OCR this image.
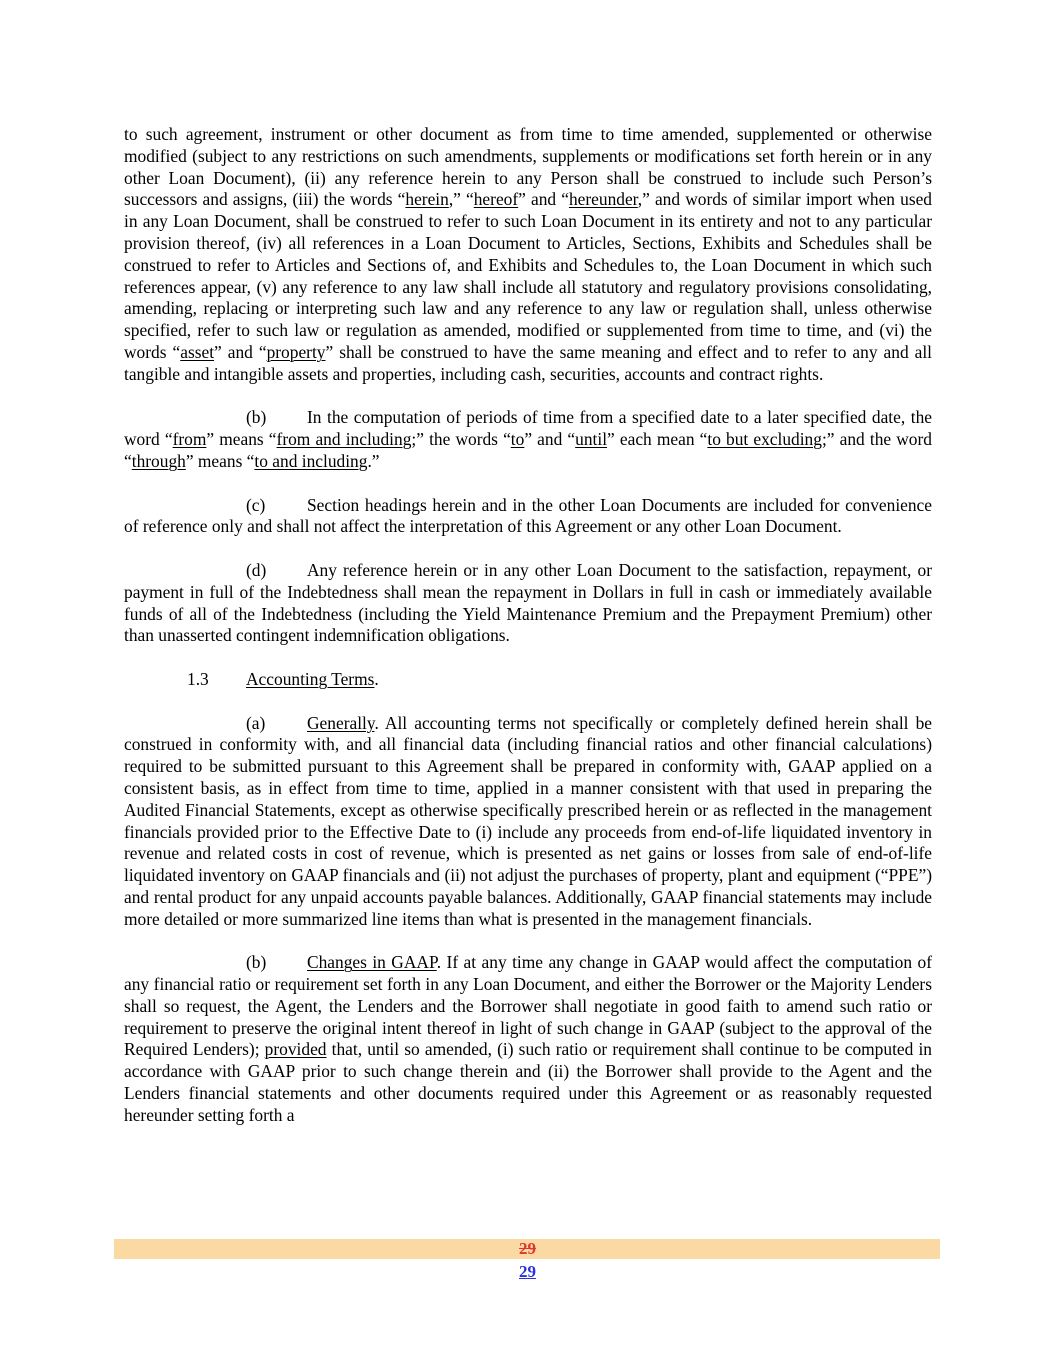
to such agreement, instrument or other document as from time to time amended, supplemented or otherwise modified (subject to any restrictions on such amendments, supplements or modifications set forth herein or in any other Loan Document), (ii) any reference herein to any Person shall be construed to include such Person’s successors and assigns, (iii) the words “herein,” “hereof” and “hereunder,” and words of similar import when used in any Loan Document, shall be construed to refer to such Loan Document in its entirety and not to any particular provision thereof, (iv) all references in a Loan Document to Articles, Sections, Exhibits and Schedules shall be construed to refer to Articles and Sections of, and Exhibits and Schedules to, the Loan Document in which such references appear, (v) any reference to any law shall include all statutory and regulatory provisions consolidating, amending, replacing or interpreting such law and any reference to any law or regulation shall, unless otherwise specified, refer to such law or regulation as amended, modified or supplemented from time to time, and (vi) the words “asset” and “property” shall be construed to have the same meaning and effect and to refer to any and all tangible and intangible assets and properties, including cash, securities, accounts and contract rights.

(b) In the computation of periods of time from a specified date to a later specified date, the word “from” means “from and including;” the words “to” and “until” each mean “to but excluding;” and the word “through” means “to and including.”

(c) Section headings herein and in the other Loan Documents are included for convenience of reference only and shall not affect the interpretation of this Agreement or any other Loan Document.

(d) Any reference herein or in any other Loan Document to the satisfaction, repayment, or payment in full of the Indebtedness shall mean the repayment in Dollars in full in cash or immediately available funds of all of the Indebtedness (including the Yield Maintenance Premium and the Prepayment Premium) other than unasserted contingent indemnification obligations.

1.3 Accounting Terms.

(a) Generally. All accounting terms not specifically or completely defined herein shall be construed in conformity with, and all financial data (including financial ratios and other financial calculations) required to be submitted pursuant to this Agreement shall be prepared in conformity with, GAAP applied on a consistent basis, as in effect from time to time, applied in a manner consistent with that used in preparing the Audited Financial Statements, except as otherwise specifically prescribed herein or as reflected in the management financials provided prior to the Effective Date to (i) include any proceeds from end-of-life liquidated inventory in revenue and related costs in cost of revenue, which is presented as net gains or losses from sale of end-of-life liquidated inventory on GAAP financials and (ii) not adjust the purchases of property, plant and equipment (“PPE”) and rental product for any unpaid accounts payable balances. Additionally, GAAP financial statements may include more detailed or more summarized line items than what is presented in the management financials.

(b) Changes in GAAP. If at any time any change in GAAP would affect the computation of any financial ratio or requirement set forth in any Loan Document, and either the Borrower or the Majority Lenders shall so request, the Agent, the Lenders and the Borrower shall negotiate in good faith to amend such ratio or requirement to preserve the original intent thereof in light of such change in GAAP (subject to the approval of the Required Lenders); provided that, until so amended, (i) such ratio or requirement shall continue to be computed in accordance with GAAP prior to such change therein and (ii) the Borrower shall provide to the Agent and the Lenders financial statements and other documents required under this Agreement or as reasonably requested hereunder setting forth a

29
29
